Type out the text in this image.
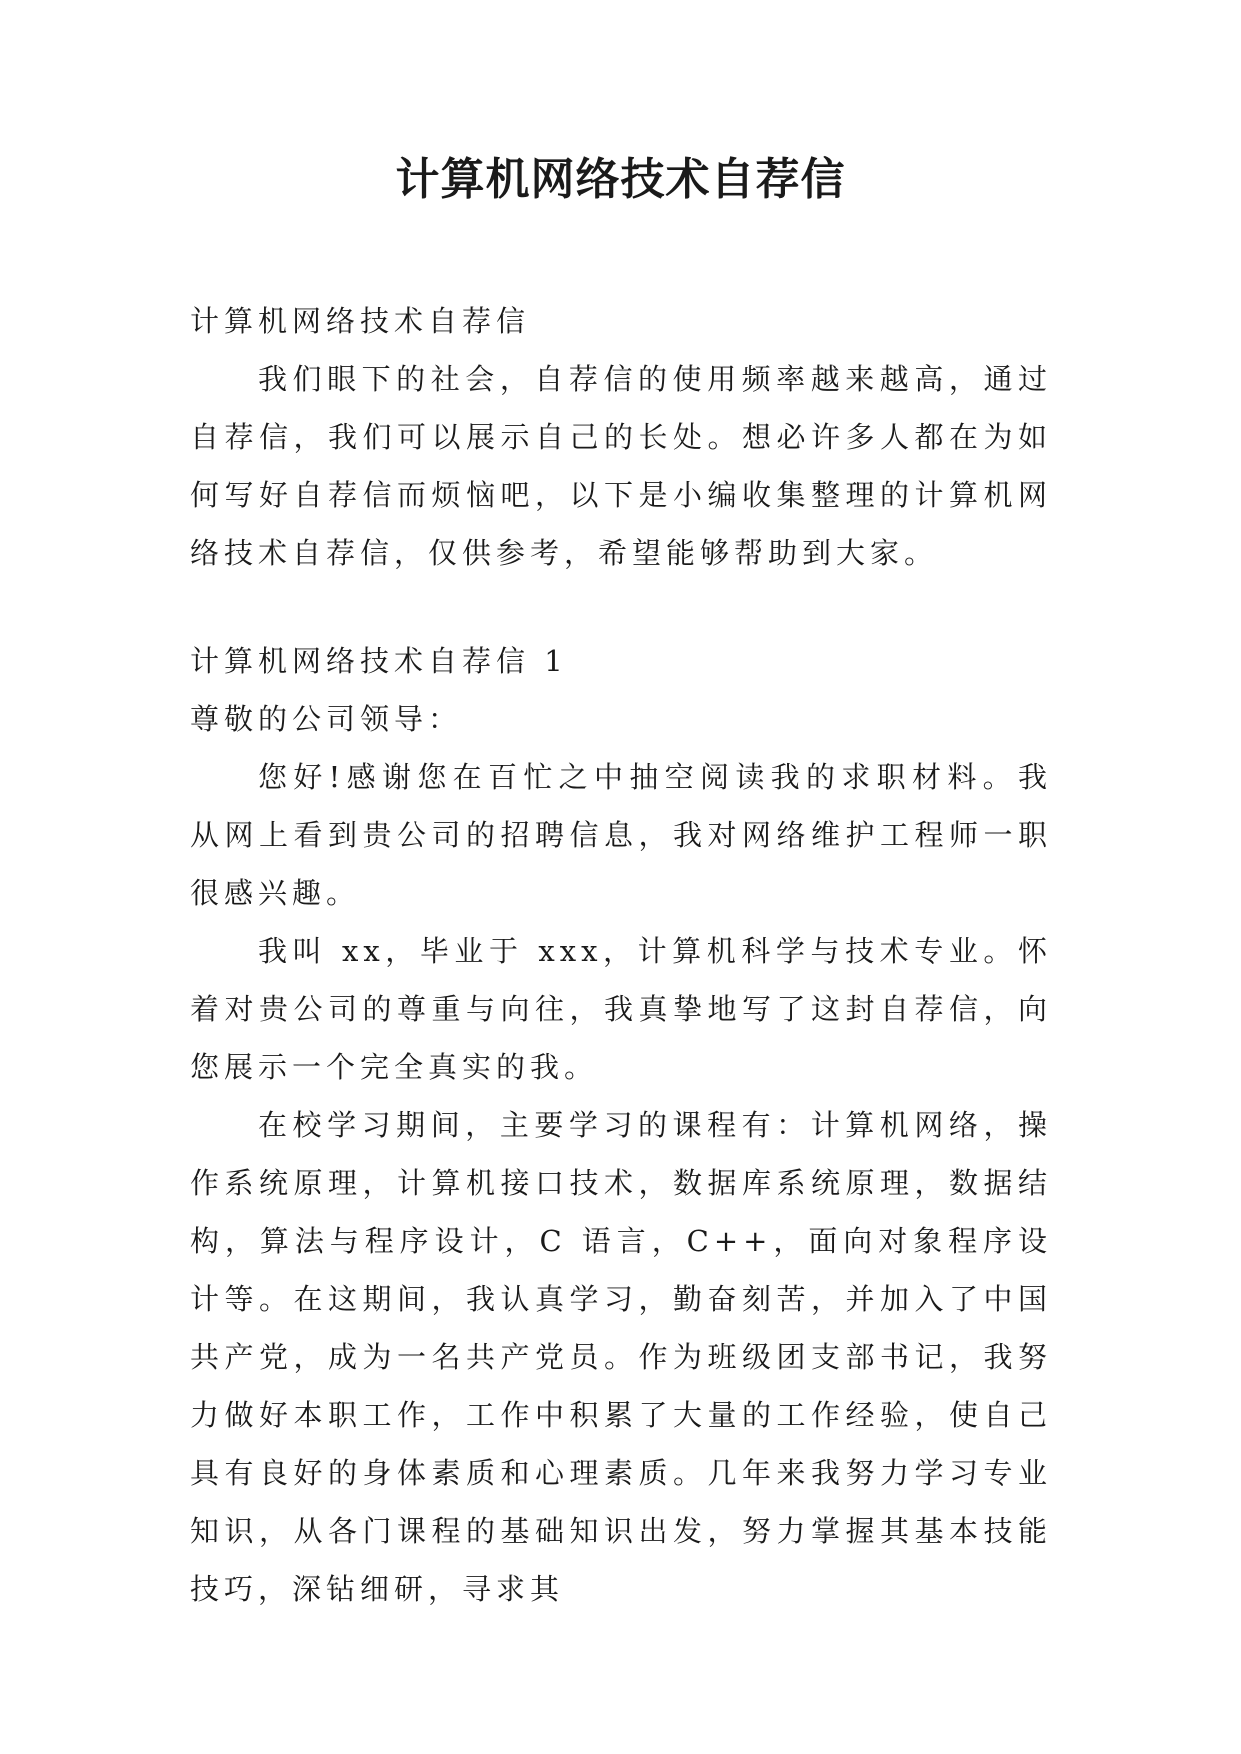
计算机网络技术自荐信

计算机网络技术自荐信

我们眼下的社会，自荐信的使用频率越来越高，通过自荐信，我们可以展示自己的长处。想必许多人都在为如何写好自荐信而烦恼吧，以下是小编收集整理的计算机网络技术自荐信，仅供参考，希望能够帮助到大家。

计算机网络技术自荐信 1

尊敬的公司领导：

您好!感谢您在百忙之中抽空阅读我的求职材料。我从网上看到贵公司的招聘信息，我对网络维护工程师一职很感兴趣。

我叫 xx，毕业于 xxx，计算机科学与技术专业。怀着对贵公司的尊重与向往，我真挚地写了这封自荐信，向您展示一个完全真实的我。

在校学习期间，主要学习的课程有：计算机网络，操作系统原理，计算机接口技术，数据库系统原理，数据结构，算法与程序设计，C 语言，C++，面向对象程序设计等。在这期间，我认真学习，勤奋刻苦，并加入了中国共产党，成为一名共产党员。作为班级团支部书记，我努力做好本职工作，工作中积累了大量的工作经验，使自己具有良好的身体素质和心理素质。几年来我努力学习专业知识，从各门课程的基础知识出发，努力掌握其基本技能技巧，深钻细研，寻求其
